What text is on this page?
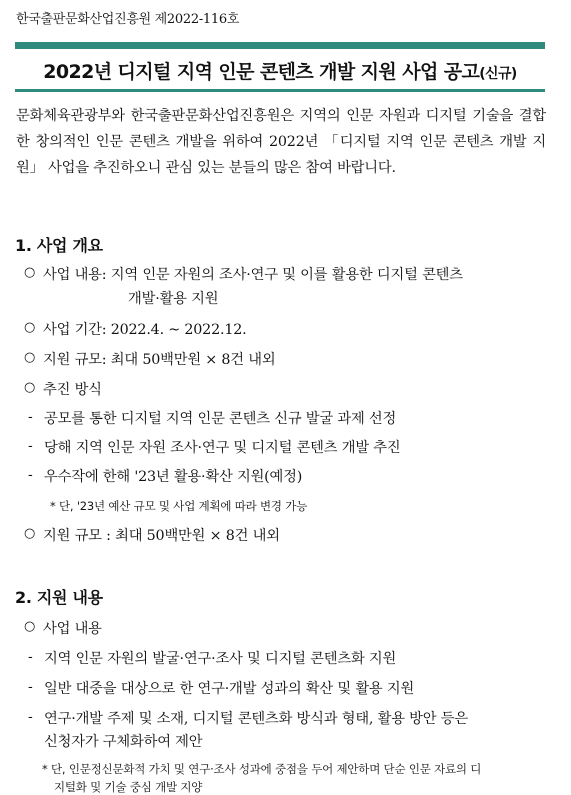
한국출판문화산업진흥원 제2022-116호
2022년 디지털 지역 인문 콘텐츠 개발 지원 사업 공고(신규)
문화체육관광부와 한국출판문화산업진흥원은 지역의 인문 자원과 디지털 기술을 결합한 창의적인 인문 콘텐츠 개발을 위하여 2022년 「디지털 지역 인문 콘텐츠 개발 지원」 사업을 추진하오니 관심 있는 분들의 많은 참여 바랍니다.
1. 사업 개요
○ 사업 내용: 지역 인문 자원의 조사·연구 및 이를 활용한 디지털 콘텐츠
개발·활용 지원
○ 사업 기간: 2022.4. ~ 2022.12.
○ 지원 규모: 최대 50백만원 × 8건 내외
○ 추진 방식
- 공모를 통한 디지털 지역 인문 콘텐츠 신규 발굴 과제 선정
- 당해 지역 인문 자원 조사·연구 및 디지털 콘텐츠 개발 추진
- 우수작에 한해 '23년 활용·확산 지원(예정)
* 단, '23년 예산 규모 및 사업 계획에 따라 변경 가능
○ 지원 규모 : 최대 50백만원 × 8건 내외
2. 지원 내용
○ 사업 내용
- 지역 인문 자원의 발굴·연구·조사 및 디지털 콘텐츠화 지원
- 일반 대중을 대상으로 한 연구·개발 성과의 확산 및 활용 지원
- 연구·개발 주제 및 소재, 디지털 콘텐츠화 방식과 형태, 활용 방안 등은
신청자가 구체화하여 제안
* 단, 인문정신문화적 가치 및 연구·조사 성과에 중점을 두어 제안하며 단순 인문 자료의 디
지털화 및 기술 중심 개발 지양
